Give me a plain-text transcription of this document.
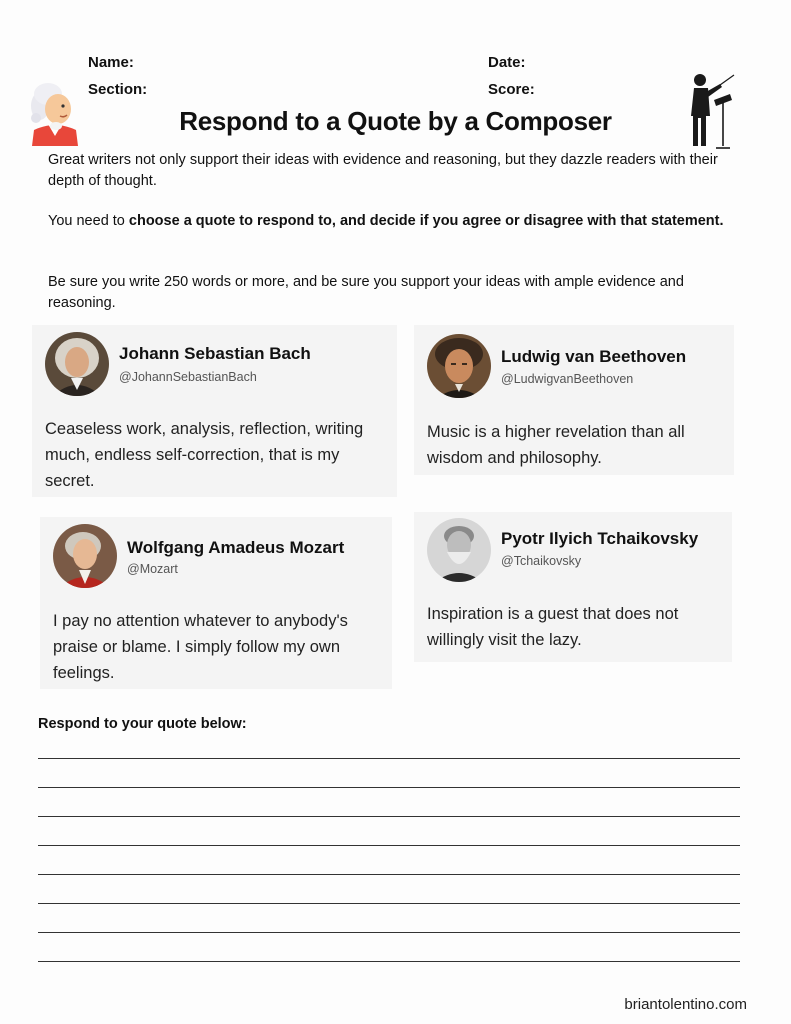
Name:
Section:
Date:
Score:
Respond to a Quote by a Composer
Great writers not only support their ideas with evidence and reasoning, but they dazzle readers with their depth of thought.
You need to choose a quote to respond to, and decide if you agree or disagree with that statement.
Be sure you write 250 words or more, and be sure you support your ideas with ample evidence and reasoning.
Johann Sebastian Bach
@JohannSebastianBach
Ceaseless work, analysis, reflection, writing much, endless self-correction, that is my secret.
Ludwig van Beethoven
@LudwigvanBeethoven
Music is a higher revelation than all wisdom and philosophy.
Wolfgang Amadeus Mozart
@Mozart
I pay no attention whatever to anybody's praise or blame. I simply follow my own feelings.
Pyotr Ilyich Tchaikovsky
@Tchaikovsky
Inspiration is a guest that does not willingly visit the lazy.
Respond to your quote below:
briantolentino.com
